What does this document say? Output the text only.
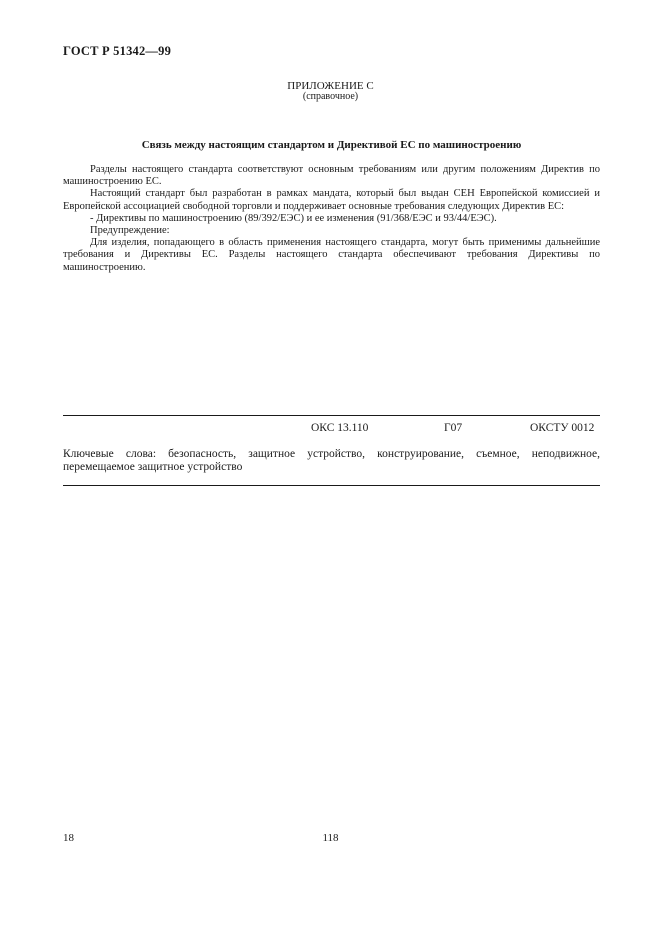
ГОСТ Р 51342—99
ПРИЛОЖЕНИЕ С
(справочное)
Связь между настоящим стандартом и Директивой ЕС по машиностроению

Разделы настоящего стандарта соответствуют основным требованиям или другим положениям Директив по машиностроению ЕС.

Настоящий стандарт был разработан в рамках мандата, который был выдан СЕН Европейской комиссией и Европейской ассоциацией свободной торговли и поддерживает основные требования следующих Директив ЕС:

- Директивы по машиностроению (89/392/ЕЭС) и ее изменения (91/368/ЕЭС и 93/44/ЕЭС).

Предупреждение:

Для изделия, попадающего в область применения настоящего стандарта, могут быть применимы дальнейшие требования и Директивы ЕС. Разделы настоящего стандарта обеспечивают требования Директивы по машиностроению.

ОКС 13.110	Г07	ОКСТУ 0012
Ключевые слова: безопасность, защитное устройство, конструирование, съемное, неподвижное, перемещаемое защитное устройство
18	118
